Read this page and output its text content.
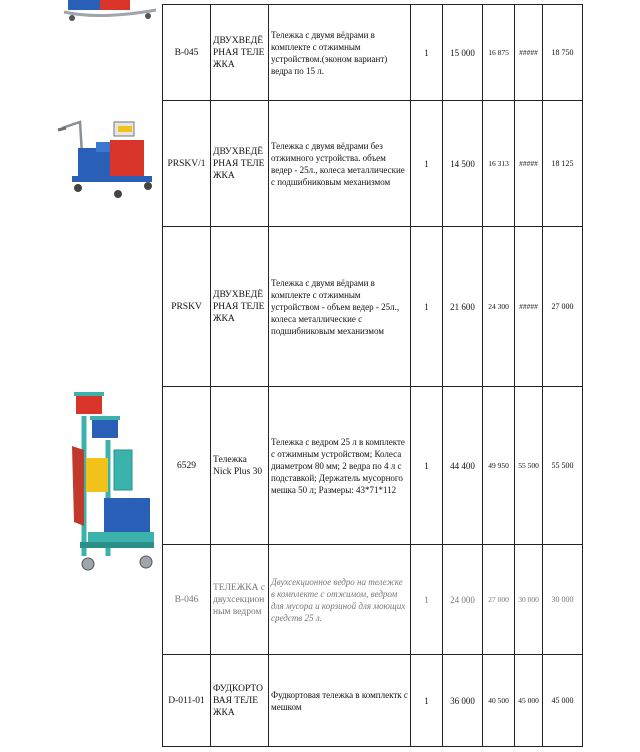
В-045	ДВУХВЕДЁРНАЯ ТЕЛЕЖКА	Тележка с двумя вёдрами в комплекте с отжимным устройством.(эконом вариант) ведра по 15 л.	1	15 000	16 875	#####	18 750
PRSKV/1	ДВУХВЕДЁРНАЯ ТЕЛЕЖКА	Тележка с двумя вёдрами без отжимного устройства. объем ведер - 25л., колеса металлические с подшибниковым механизмом	1	14 500	16 313	#####	18 125
PRSKV	ДВУХВЕДЁРНАЯ ТЕЛЕЖКА	Тележка с двумя вёдрами в комплекте с отжимным устройством - объем ведер - 25л., колеса металлические с подшибниковым механизмом	1	21 600	24 300	#####	27 000
6529	Тележка Nick Plus 30	Тележка с ведром 25 л в комплекте с отжимным устройством; Колеса диаметром 80 мм; 2 ведра по 4 л с подставкой; Держатель мусорного мешка 50 л; Размеры: 43*71*112	1	44 400	49 950	55 500	55 500
В-046	ТЕЛЕЖКА с двухсекционным ведром	Двухсекционное ведро на тележке в комплекте с отжимом, ведром для мусора и корзиной для моющих средств 25 л.	1	24 000	27 000	30 000	30 000
D-011-01	ФУДКОРТОВАЯ ТЕЛЕЖКА	Фудкортовая тележка в комплектк с мешком	1	36 000	40 500	45 000	45 000
